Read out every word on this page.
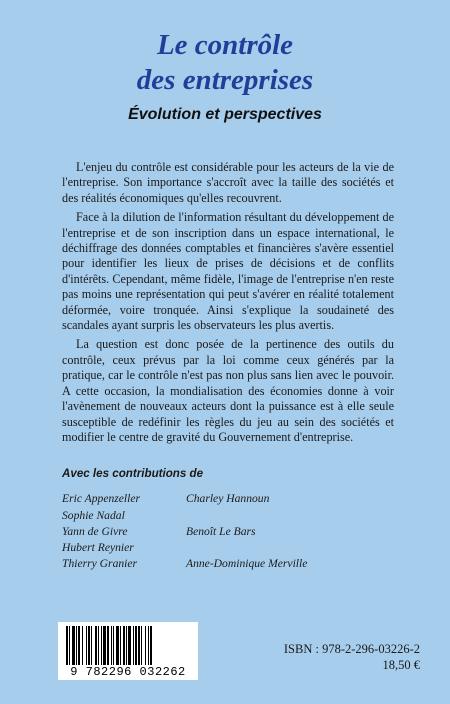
Le contrôle
des entreprises
Évolution et perspectives

L'enjeu du contrôle est considérable pour les acteurs de la vie de l'entreprise. Son importance s'accroît avec la taille des sociétés et des réalités économiques qu'elles recouvrent.

Face à la dilution de l'information résultant du développement de l'entreprise et de son inscription dans un espace international, le déchiffrage des données comptables et financières s'avère essentiel pour identifier les lieux de prises de décisions et de conflits d'intérêts. Cependant, même fidèle, l'image de l'entreprise n'en reste pas moins une représentation qui peut s'avérer en réalité totalement déformée, voire tronquée. Ainsi s'explique la soudaineté des scandales ayant surpris les observateurs les plus avertis.

La question est donc posée de la pertinence des outils du contrôle, ceux prévus par la loi comme ceux générés par la pratique, car le contrôle n'est pas non plus sans lien avec le pouvoir. A cette occasion, la mondialisation des économies donne à voir l'avènement de nouveaux acteurs dont la puissance est à elle seule susceptible de redéfinir les règles du jeu au sein des sociétés et modifier le centre de gravité du Gouvernement d'entreprise.

Avec les contributions de
Eric Appenzeller	Charley Hannoun
Sophie Nadal
Yann de Givre	Benoît Le Bars
Hubert Reynier
Thierry Granier	Anne-Dominique Merville
9 782296 032262
ISBN : 978-2-296-03226-2
18,50 €
